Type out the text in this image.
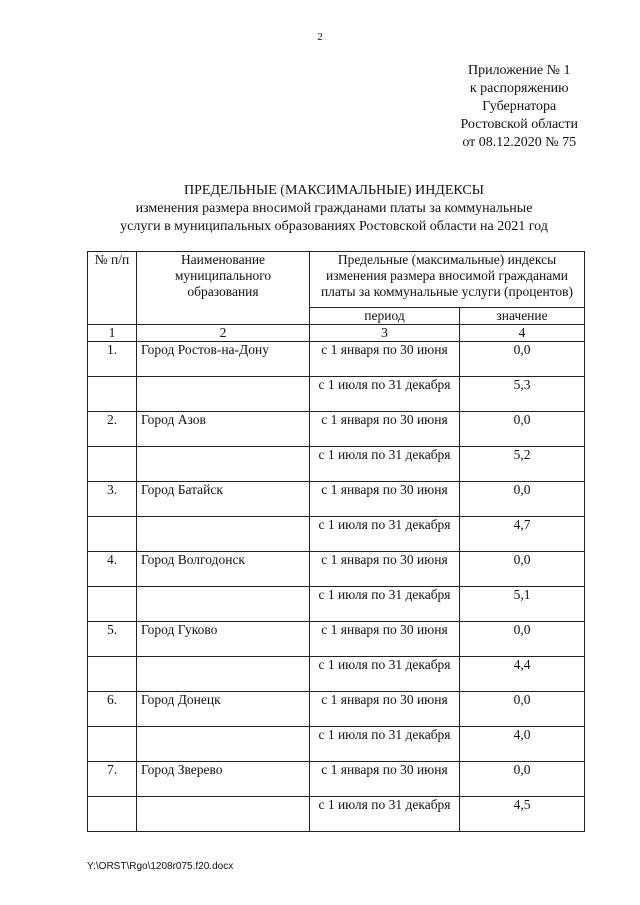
2
Приложение № 1
к распоряжению
Губернатора
Ростовской области
от 08.12.2020 № 75
ПРЕДЕЛЬНЫЕ (МАКСИМАЛЬНЫЕ) ИНДЕКСЫ
изменения размера вносимой гражданами платы за коммунальные
услуги в муниципальных образованиях Ростовской области на 2021 год
№ п/п	Наименование муниципального образования	Предельные (максимальные) индексы изменения размера вносимой гражданами платы за коммунальные услуги (процентов)	
		период	значение
1	2	3	4
1.	Город Ростов-на-Дону	с 1 января по 30 июня	0,0
		с 1 июля по 31 декабря	5,3
2.	Город Азов	с 1 января по 30 июня	0,0
		с 1 июля по 31 декабря	5,2
3.	Город Батайск	с 1 января по 30 июня	0,0
		с 1 июля по 31 декабря	4,7
4.	Город Волгодонск	с 1 января по 30 июня	0,0
		с 1 июля по 31 декабря	5,1
5.	Город Гуково	с 1 января по 30 июня	0,0
		с 1 июля по 31 декабря	4,4
6.	Город Донецк	с 1 января по 30 июня	0,0
		с 1 июля по 31 декабря	4,0
7.	Город Зверево	с 1 января по 30 июня	0,0
		с 1 июля по 31 декабря	4,5
Y:\ORST\Rgo\1208r075.f20.docx
